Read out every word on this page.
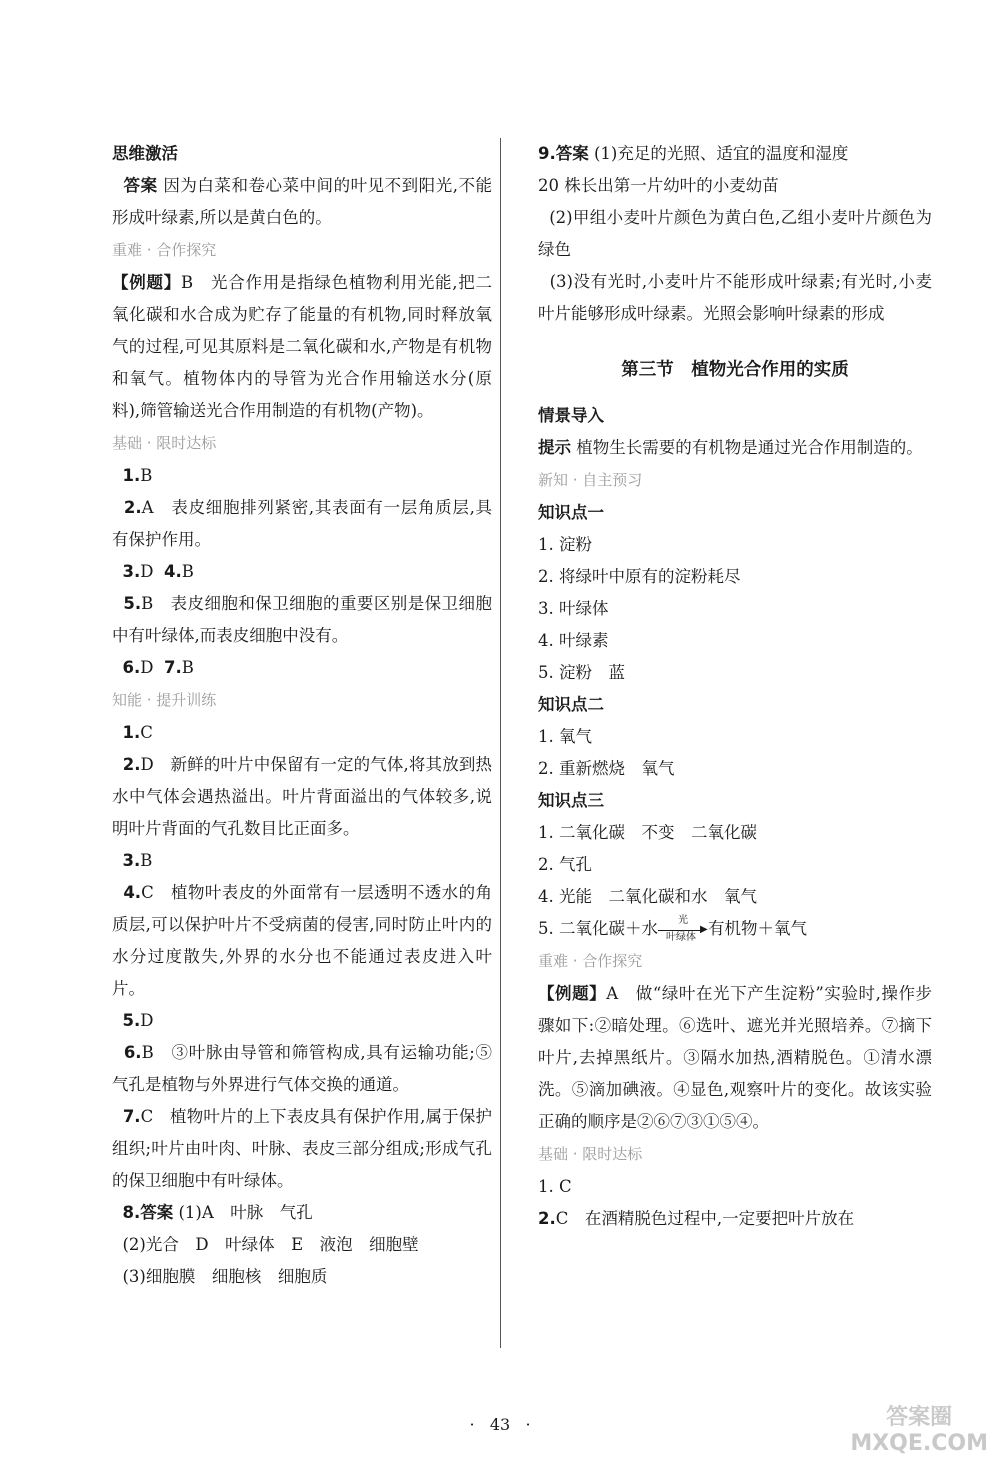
思维激活

答案 因为白菜和卷心菜中间的叶见不到阳光,不能形成叶绿素,所以是黄白色的。

重难 · 合作探究

【例题】B　光合作用是指绿色植物利用光能,把二氧化碳和水合成为贮存了能量的有机物,同时释放氧气的过程,可见其原料是二氧化碳和水,产物是有机物和氧气。植物体内的导管为光合作用输送水分(原料),筛管输送光合作用制造的有机物(产物)。

基础 · 限时达标

1.B

2.A　表皮细胞排列紧密,其表面有一层角质层,具有保护作用。

3.D 4.B

5.B　表皮细胞和保卫细胞的重要区别是保卫细胞中有叶绿体,而表皮细胞中没有。

6.D 7.B

知能 · 提升训练

1.C

2.D　新鲜的叶片中保留有一定的气体,将其放到热水中气体会遇热溢出。叶片背面溢出的气体较多,说明叶片背面的气孔数目比正面多。

3.B

4.C　植物叶表皮的外面常有一层透明不透水的角质层,可以保护叶片不受病菌的侵害,同时防止叶内的水分过度散失,外界的水分也不能通过表皮进入叶片。

5.D

6.B　③叶脉由导管和筛管构成,具有运输功能;⑤气孔是植物与外界进行气体交换的通道。

7.C　植物叶片的上下表皮具有保护作用,属于保护组织;叶片由叶肉、叶脉、表皮三部分组成;形成气孔的保卫细胞中有叶绿体。

8.答案 (1)A　叶脉　气孔

(2)光合　D　叶绿体　E　液泡　细胞壁

(3)细胞膜　细胞核　细胞质

9.答案 (1)充足的光照、适宜的温度和湿度

20 株长出第一片幼叶的小麦幼苗

(2)甲组小麦叶片颜色为黄白色,乙组小麦叶片颜色为绿色

(3)没有光时,小麦叶片不能形成叶绿素;有光时,小麦叶片能够形成叶绿素。光照会影响叶绿素的形成

第三节　植物光合作用的实质

情景导入

提示 植物生长需要的有机物是通过光合作用制造的。

新知 · 自主预习

知识点一

1. 淀粉

2. 将绿叶中原有的淀粉耗尽

3. 叶绿体

4. 叶绿素

5. 淀粉　蓝

知识点二

1. 氧气

2. 重新燃烧　氧气

知识点三

1. 二氧化碳　不变　二氧化碳

2. 气孔

4. 光能　二氧化碳和水　氧气

5. 二氧化碳＋水	光
▶
叶绿体 有机物＋氧气

重难 · 合作探究

【例题】A　做“绿叶在光下产生淀粉”实验时,操作步骤如下:②暗处理。⑥选叶、遮光并光照培养。⑦摘下叶片,去掉黑纸片。③隔水加热,酒精脱色。①清水漂洗。⑤滴加碘液。④显色,观察叶片的变化。故该实验正确的顺序是②⑥⑦③①⑤④。

基础 · 限时达标

1. C

2.C　在酒精脱色过程中,一定要把叶片放在

· 43 ·	答案圈
MXQE.COM
